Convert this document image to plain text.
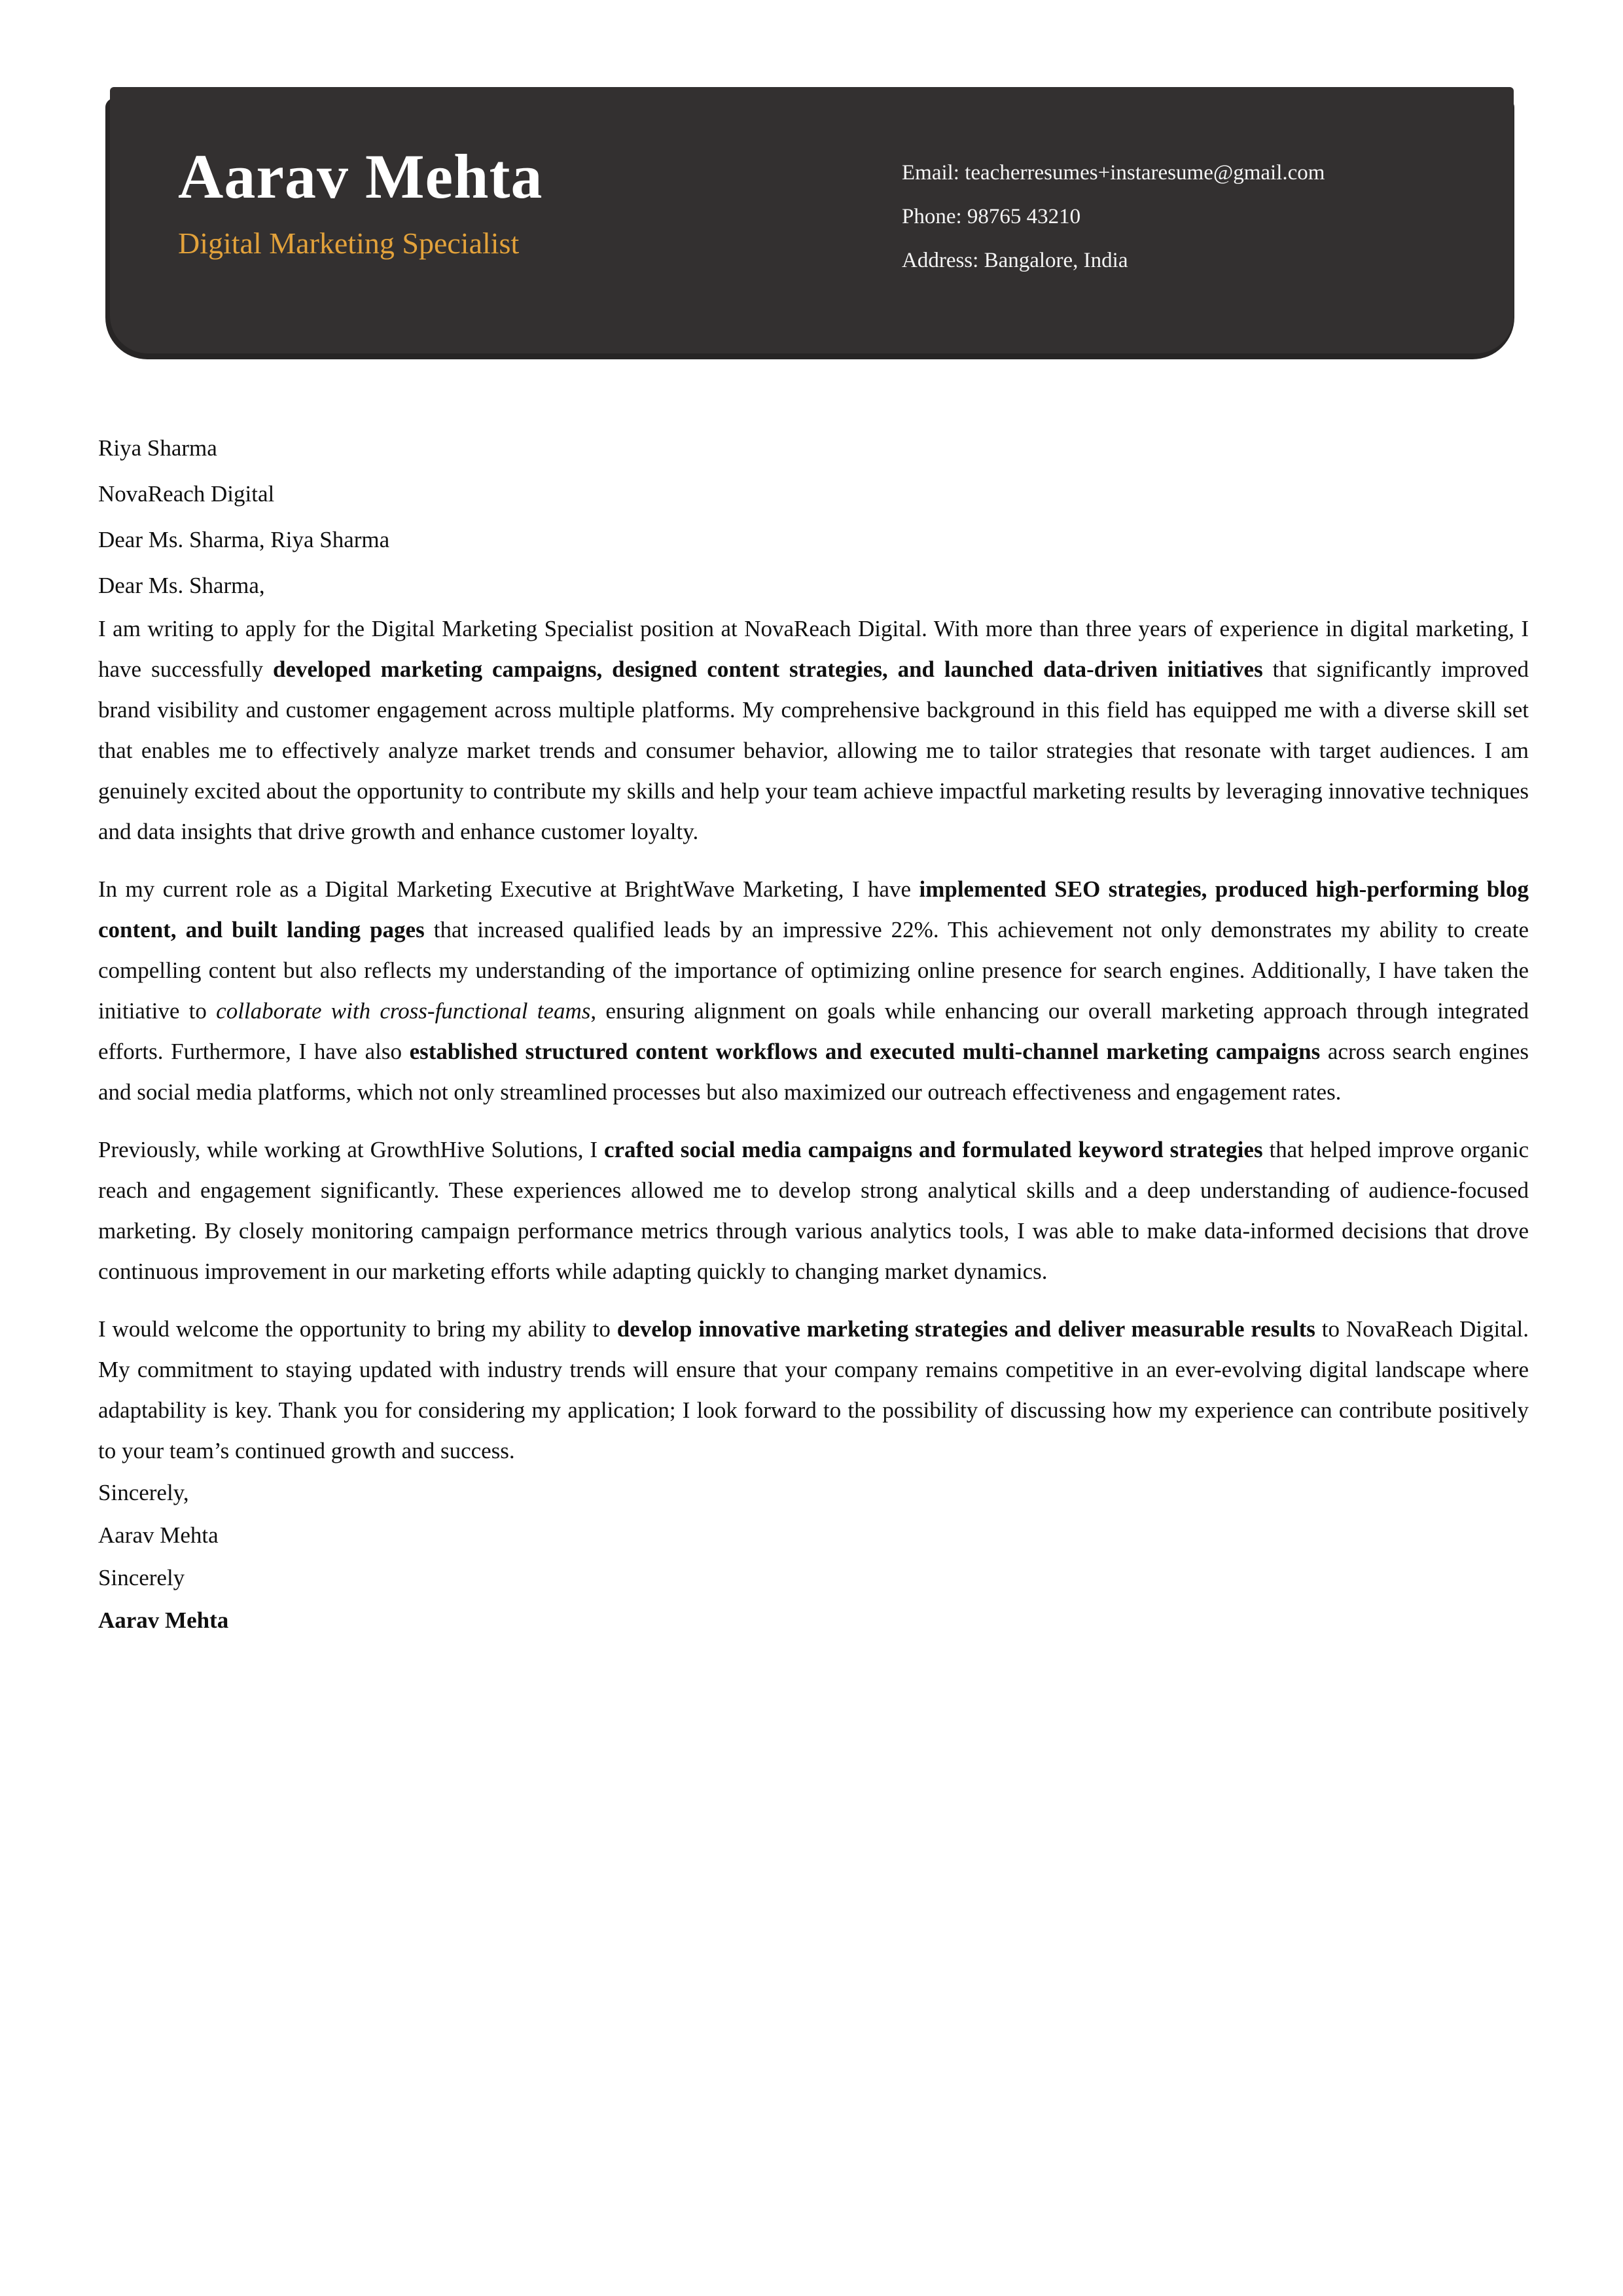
Aarav Mehta
Digital Marketing Specialist
Email: teacherresumes+instaresume@gmail.com
Phone: 98765 43210
Address: Bangalore, India

Riya Sharma

NovaReach Digital

Dear Ms. Sharma, Riya Sharma

Dear Ms. Sharma,

I am writing to apply for the Digital Marketing Specialist position at NovaReach Digital. With more than three years of experience in digital marketing, I have successfully developed marketing campaigns, designed content strategies, and launched data-driven initiatives that significantly improved brand visibility and customer engagement across multiple platforms. My comprehensive background in this field has equipped me with a diverse skill set that enables me to effectively analyze market trends and consumer behavior, allowing me to tailor strategies that resonate with target audiences. I am genuinely excited about the opportunity to contribute my skills and help your team achieve impactful marketing results by leveraging innovative techniques and data insights that drive growth and enhance customer loyalty.

In my current role as a Digital Marketing Executive at BrightWave Marketing, I have implemented SEO strategies, produced high-performing blog content, and built landing pages that increased qualified leads by an impressive 22%. This achievement not only demonstrates my ability to create compelling content but also reflects my understanding of the importance of optimizing online presence for search engines. Additionally, I have taken the initiative to collaborate with cross-functional teams, ensuring alignment on goals while enhancing our overall marketing approach through integrated efforts. Furthermore, I have also established structured content workflows and executed multi-channel marketing campaigns across search engines and social media platforms, which not only streamlined processes but also maximized our outreach effectiveness and engagement rates.

Previously, while working at GrowthHive Solutions, I crafted social media campaigns and formulated keyword strategies that helped improve organic reach and engagement significantly. These experiences allowed me to develop strong analytical skills and a deep understanding of audience-focused marketing. By closely monitoring campaign performance metrics through various analytics tools, I was able to make data-informed decisions that drove continuous improvement in our marketing efforts while adapting quickly to changing market dynamics.

I would welcome the opportunity to bring my ability to develop innovative marketing strategies and deliver measurable results to NovaReach Digital. My commitment to staying updated with industry trends will ensure that your company remains competitive in an ever-evolving digital landscape where adaptability is key. Thank you for considering my application; I look forward to the possibility of discussing how my experience can contribute positively to your team’s continued growth and success.

Sincerely,
Aarav Mehta

Sincerely

Aarav Mehta
